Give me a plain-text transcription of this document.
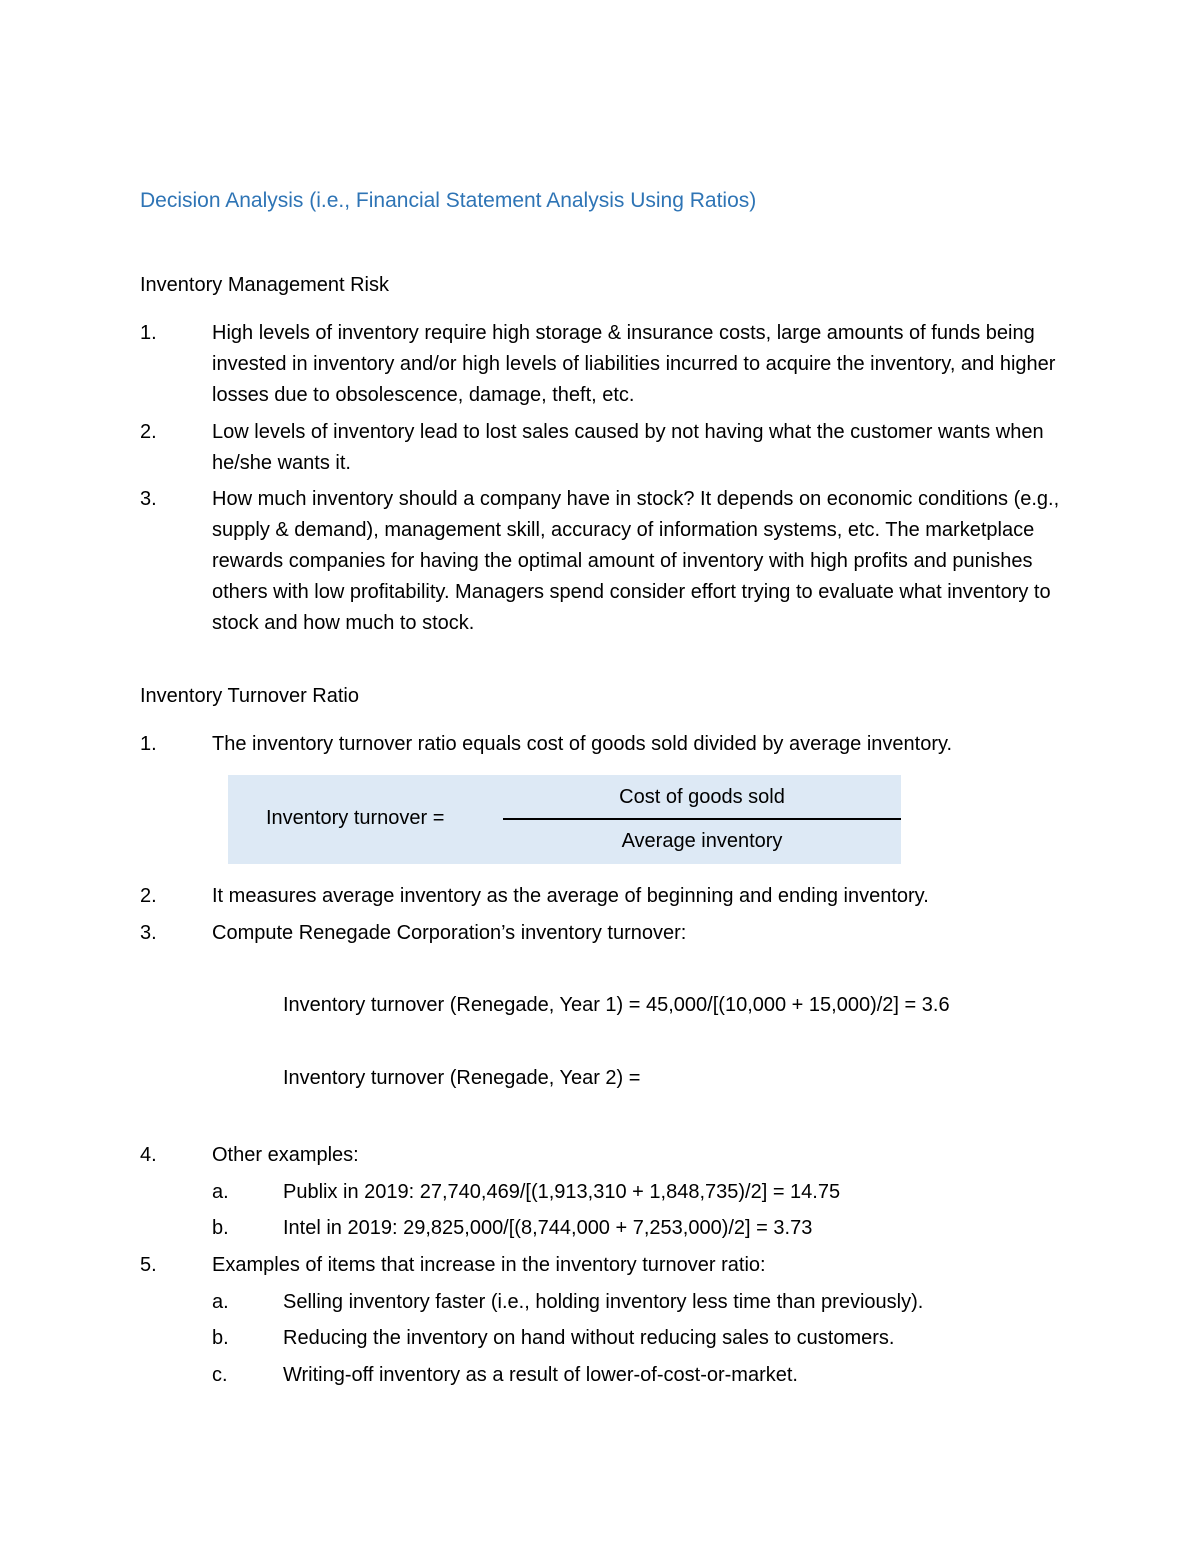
Decision Analysis (i.e., Financial Statement Analysis Using Ratios)
Inventory Management Risk
1.	High levels of inventory require high storage & insurance costs, large amounts of funds being invested in inventory and/or high levels of liabilities incurred to acquire the inventory, and higher losses due to obsolescence, damage, theft, etc.
2.	Low levels of inventory lead to lost sales caused by not having what the customer wants when he/she wants it.
3.	How much inventory should a company have in stock? It depends on economic conditions (e.g., supply & demand), management skill, accuracy of information systems, etc. The marketplace rewards companies for having the optimal amount of inventory with high profits and punishes others with low profitability. Managers spend consider effort trying to evaluate what inventory to stock and how much to stock.
Inventory Turnover Ratio
1.	The inventory turnover ratio equals cost of goods sold divided by average inventory.
Inventory turnover =
Cost of goods sold
Average inventory
2.	It measures average inventory as the average of beginning and ending inventory.
3.	Compute Renegade Corporation’s inventory turnover:
Inventory turnover (Renegade, Year 1) = 45,000/[(10,000 + 15,000)/2] = 3.6
Inventory turnover (Renegade, Year 2) =
4.	Other examples:
a.	Publix in 2019: 27,740,469/[(1,913,310 + 1,848,735)/2] = 14.75
b.	Intel in 2019: 29,825,000/[(8,744,000 + 7,253,000)/2] = 3.73
5.	Examples of items that increase in the inventory turnover ratio:
a.	Selling inventory faster (i.e., holding inventory less time than previously).
b.	Reducing the inventory on hand without reducing sales to customers.
c.	Writing-off inventory as a result of lower-of-cost-or-market.
